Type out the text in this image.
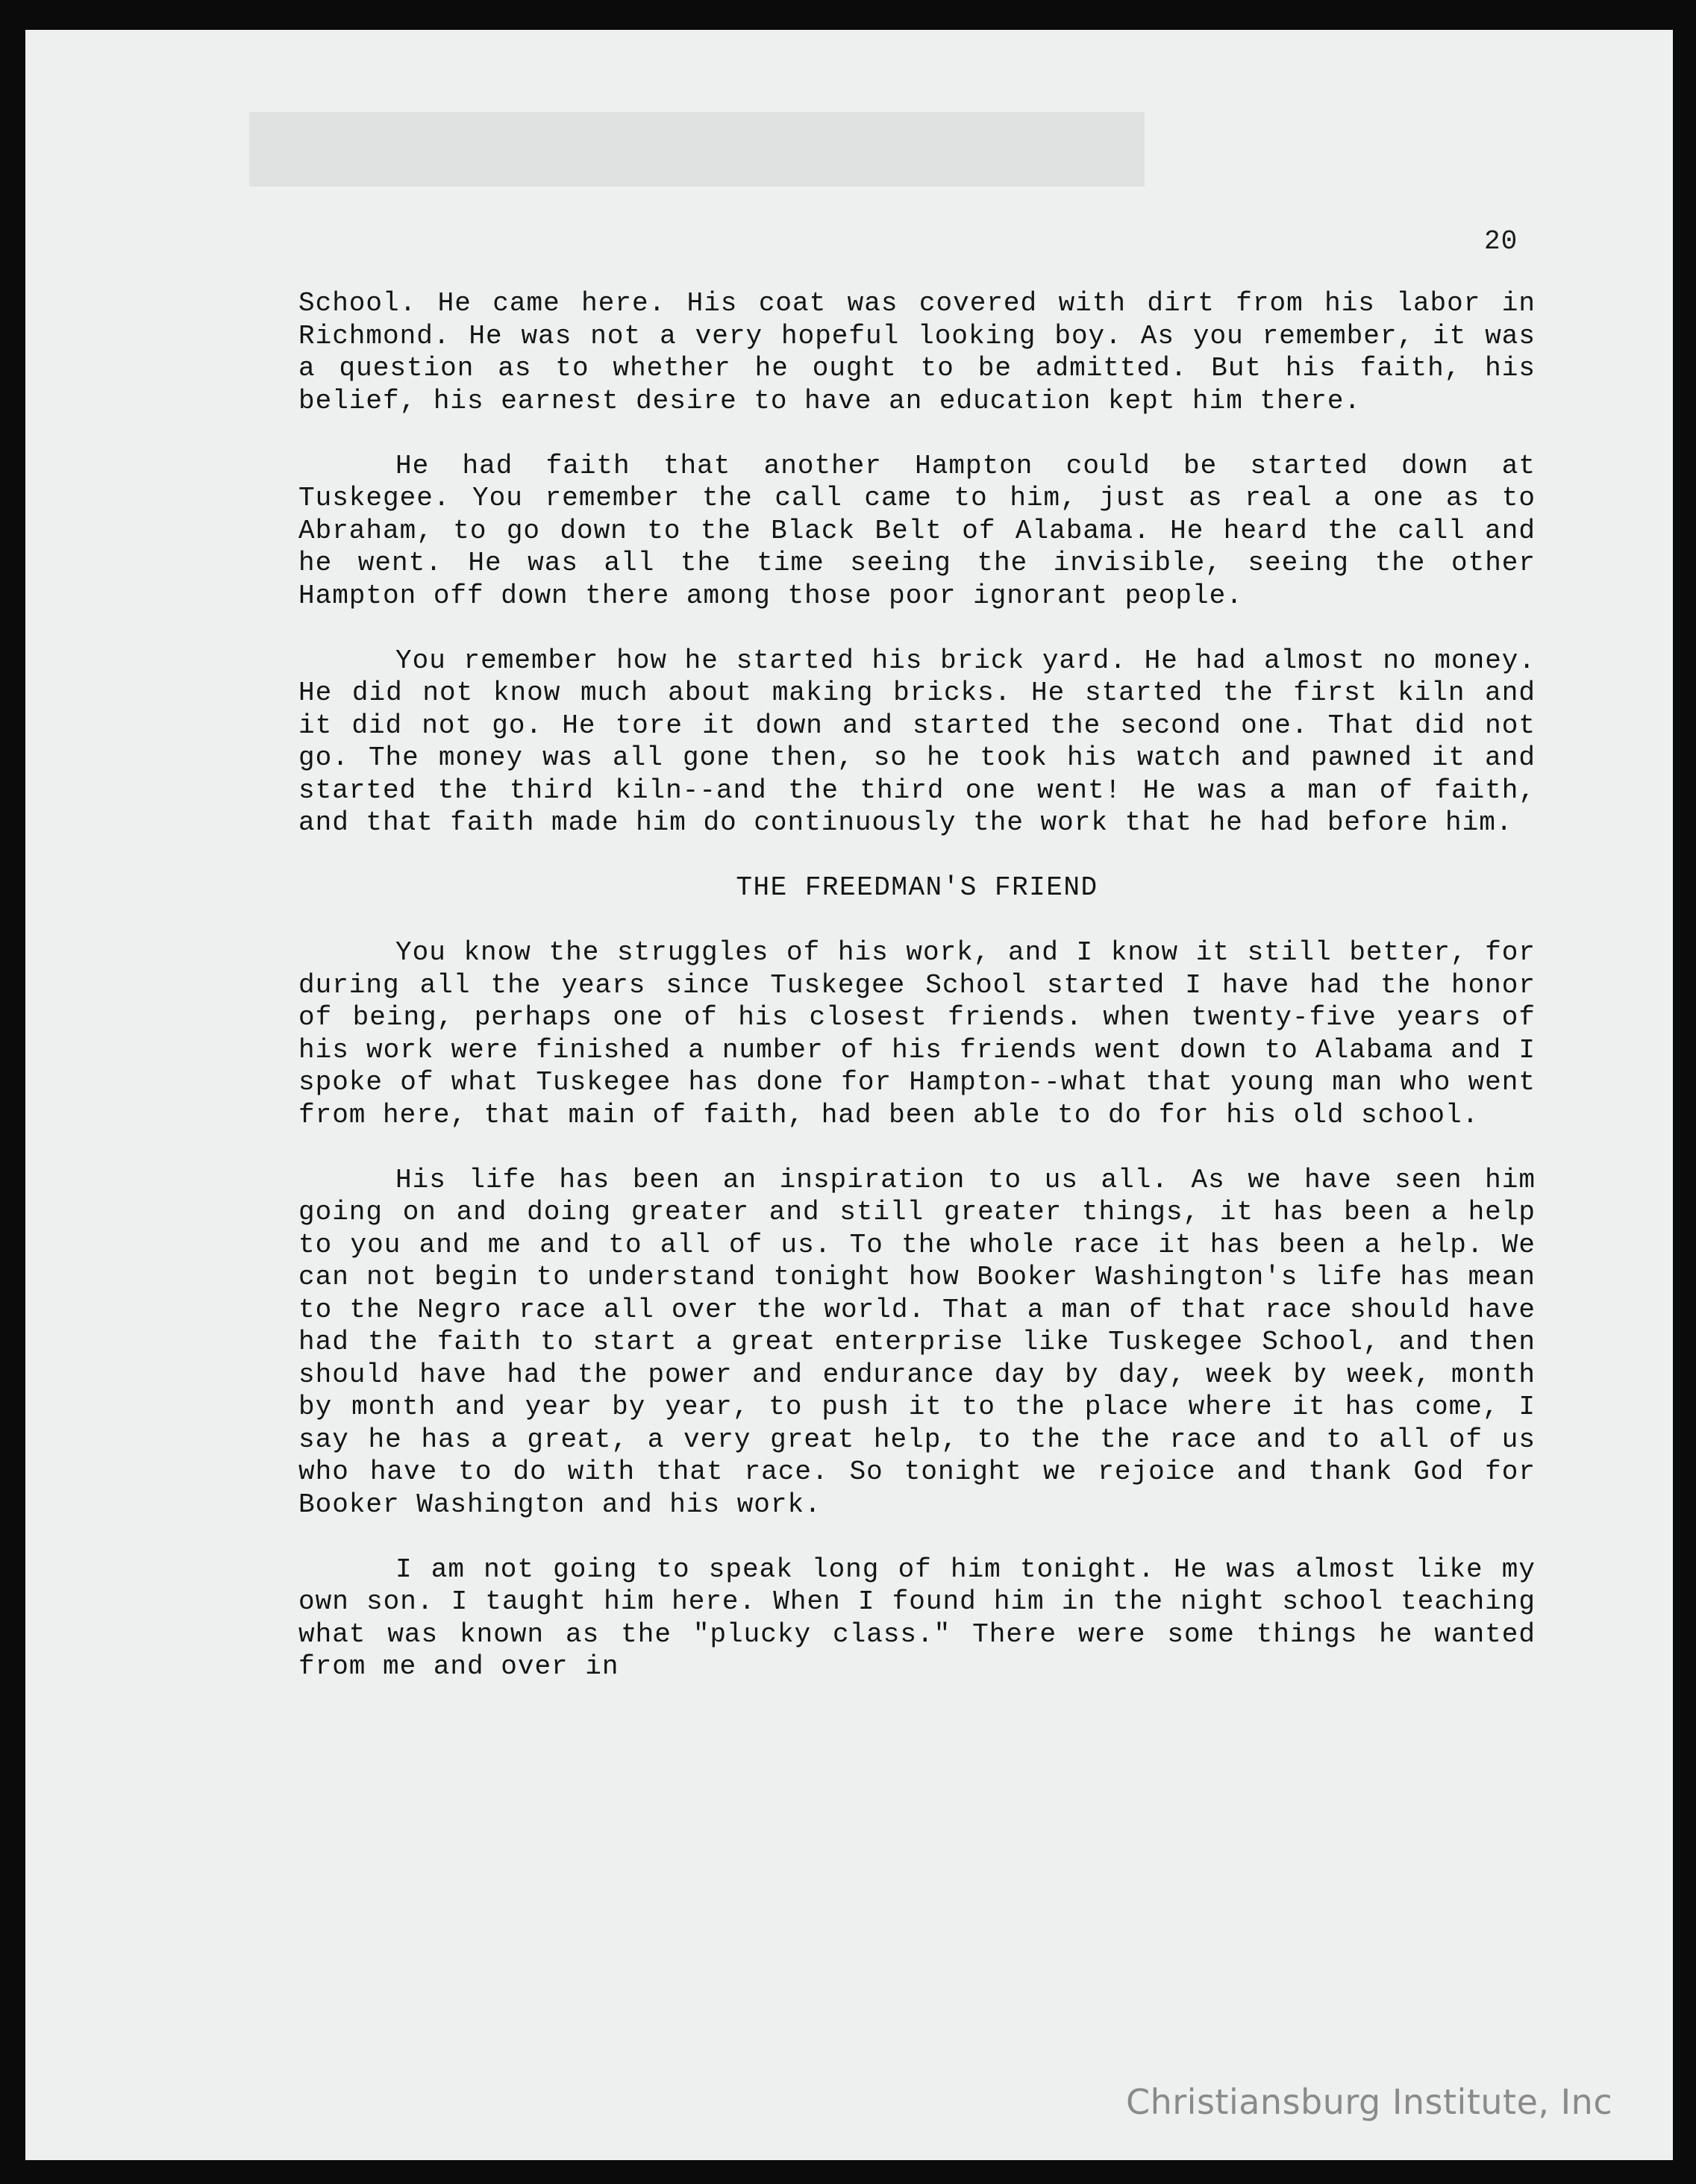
20

School. He came here. His coat was covered with dirt from his labor in Richmond. He was not a very hopeful looking boy. As you remember, it was a question as to whether he ought to be admitted. But his faith, his belief, his earnest desire to have an education kept him there.

He had faith that another Hampton could be started down at Tuskegee. You remember the call came to him, just as real a one as to Abraham, to go down to the Black Belt of Alabama. He heard the call and he went. He was all the time seeing the invisible, seeing the other Hampton off down there among those poor ignorant people.

You remember how he started his brick yard. He had almost no money. He did not know much about making bricks. He started the first kiln and it did not go. He tore it down and started the second one. That did not go. The money was all gone then, so he took his watch and pawned it and started the third kiln--and the third one went! He was a man of faith, and that faith made him do continuously the work that he had before him.

THE FREEDMAN'S FRIEND

You know the struggles of his work, and I know it still better, for during all the years since Tuskegee School started I have had the honor of being, perhaps one of his closest friends. when twenty-five years of his work were finished a number of his friends went down to Alabama and I spoke of what Tuskegee has done for Hampton--what that young man who went from here, that main of faith, had been able to do for his old school.

His life has been an inspiration to us all. As we have seen him going on and doing greater and still greater things, it has been a help to you and me and to all of us. To the whole race it has been a help. We can not begin to understand tonight how Booker Washington's life has mean to the Negro race all over the world. That a man of that race should have had the faith to start a great enterprise like Tuskegee School, and then should have had the power and endurance day by day, week by week, month by month and year by year, to push it to the place where it has come, I say he has a great, a very great help, to the the race and to all of us who have to do with that race. So tonight we rejoice and thank God for Booker Washington and his work.

I am not going to speak long of him tonight. He was almost like my own son. I taught him here. When I found him in the night school teaching what was known as the "plucky class." There were some things he wanted from me and over in

Christiansburg Institute, Inc
